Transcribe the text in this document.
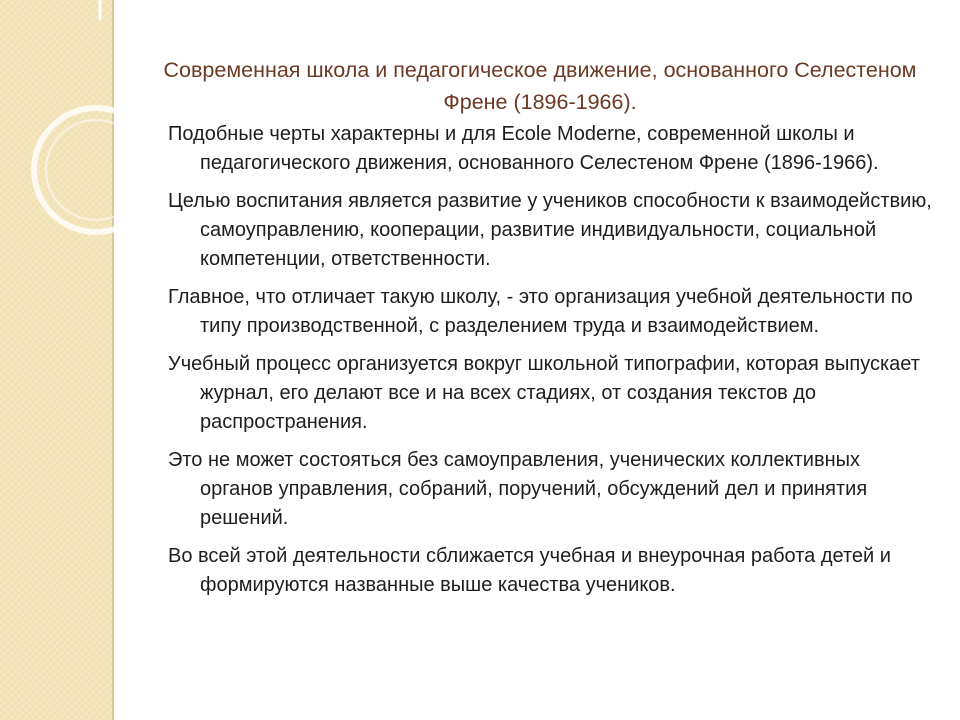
Современная школа и педагогическое движение, основанного Селестеном Френе (1896-1966).

Подобные черты характерны и для Ecole Moderne, современной школы и педагогического движения, основанного Селестеном Френе (1896-1966).

Целью воспитания является развитие у учеников способности к взаимодействию, самоуправлению, кооперации, развитие индивидуальности, социальной компетенции, ответственности.

Главное, что отличает такую школу, - это организация учебной деятельности по типу производственной, с разделением труда и взаимодействием.

Учебный процесс организуется вокруг школьной типографии, которая выпускает журнал, его делают все и на всех стадиях, от создания текстов до распространения.

Это не может состояться без самоуправления, ученических коллективных органов управления, собраний, поручений, обсуждений дел и принятия решений.

Во всей этой деятельности сближается учебная и внеурочная работа детей и формируются названные выше качества учеников.
